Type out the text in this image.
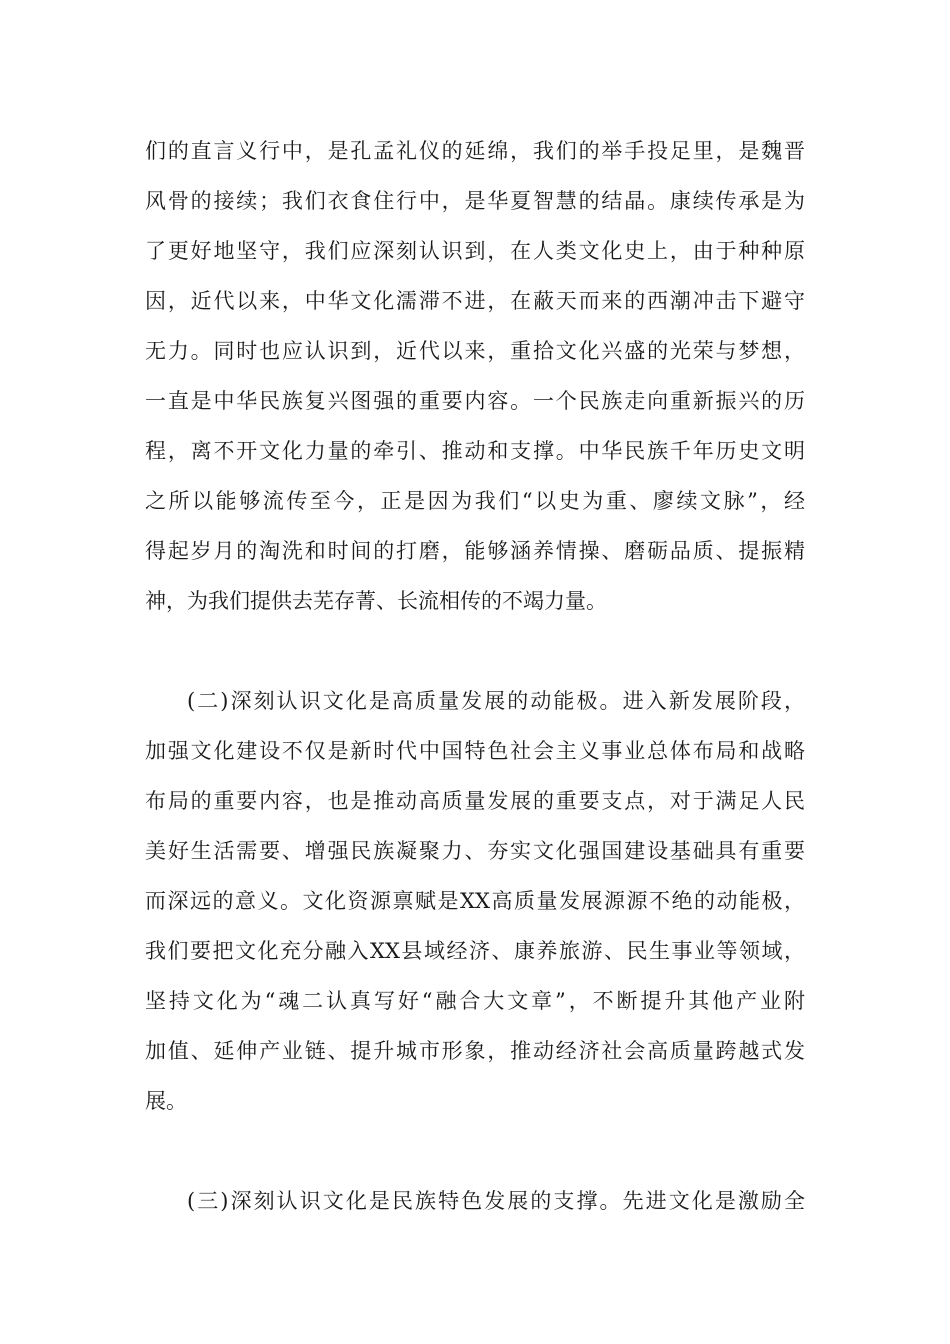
们的直言义行中，是孔孟礼仪的延绵，我们的举手投足里，是魏晋
风骨的接续；我们衣食住行中，是华夏智慧的结晶。康续传承是为
了更好地坚守，我们应深刻认识到，在人类文化史上，由于种种原
因，近代以来，中华文化濡滞不进，在蔽天而来的西潮冲击下避守
无力。同时也应认识到，近代以来，重拾文化兴盛的光荣与梦想，
一直是中华民族复兴图强的重要内容。一个民族走向重新振兴的历
程，离不开文化力量的牵引、推动和支撑。中华民族千年历史文明
之所以能够流传至今，正是因为我们“以史为重、廖续文脉”，经
得起岁月的淘洗和时间的打磨，能够涵养情操、磨砺品质、提振精
神，为我们提供去芜存菁、长流相传的不竭力量。
(二)深刻认识文化是高质量发展的动能极。进入新发展阶段，
加强文化建设不仅是新时代中国特色社会主义事业总体布局和战略
布局的重要内容，也是推动高质量发展的重要支点，对于满足人民
美好生活需要、增强民族凝聚力、夯实文化强国建设基础具有重要
而深远的意义。文化资源禀赋是XX高质量发展源源不绝的动能极，
我们要把文化充分融入XX县域经济、康养旅游、民生事业等领域，
坚持文化为“魂二认真写好“融合大文章”，不断提升其他产业附
加值、延伸产业链、提升城市形象，推动经济社会高质量跨越式发
展。
(三)深刻认识文化是民族特色发展的支撑。先进文化是激励全
